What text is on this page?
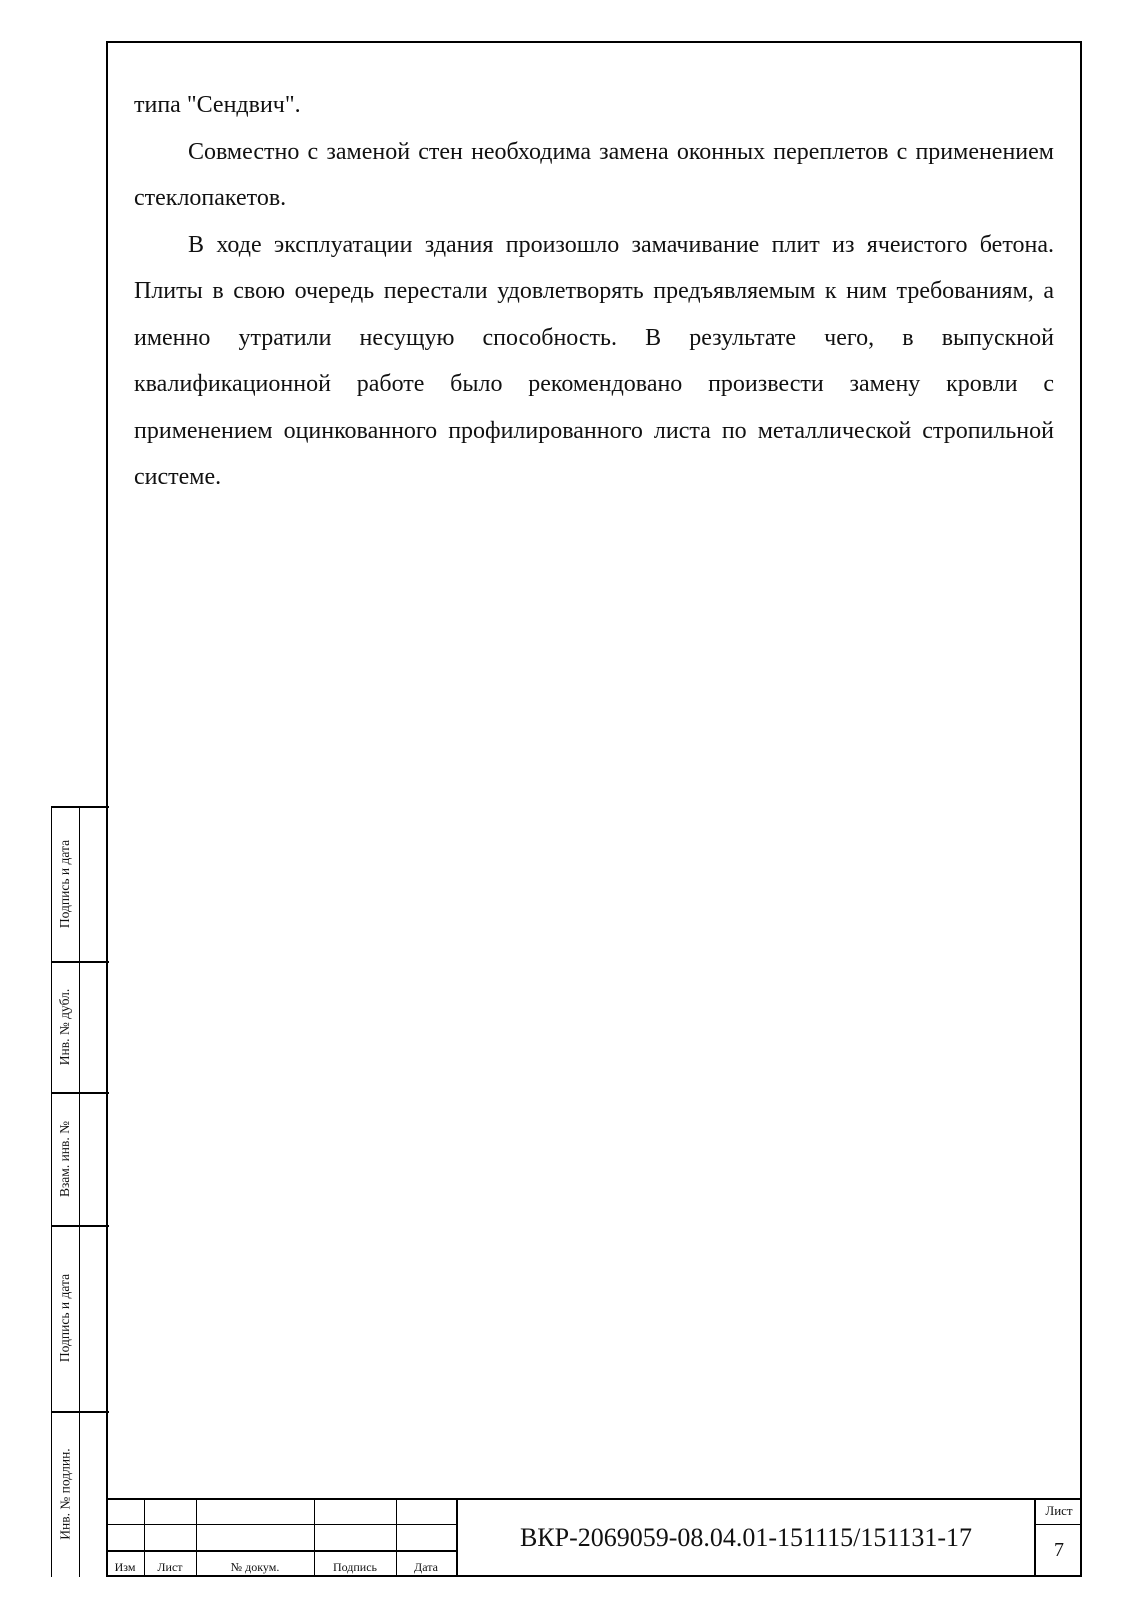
типа "Сендвич".

Совместно с заменой стен необходима замена оконных переплетов с применением стеклопакетов.

В ходе эксплуатации здания произошло замачивание плит из ячеистого бетона. Плиты в свою очередь перестали удовлетворять предъявляемым к ним требованиям, а именно утратили несущую способность. В результате чего, в выпускной квалификационной работе было рекомендовано произвести замену кровли с применением оцинкованного профилированного листа по металлической стропильной системе.

Подпись и дата
Инв. № дубл.
Взам. инв. №
Подпись и дата
Инв. № подлин.
Изм	Лист	№ докум.	Подпись	Дата
ВКР-2069059-08.04.01-151115/151131-17
Лист
7
